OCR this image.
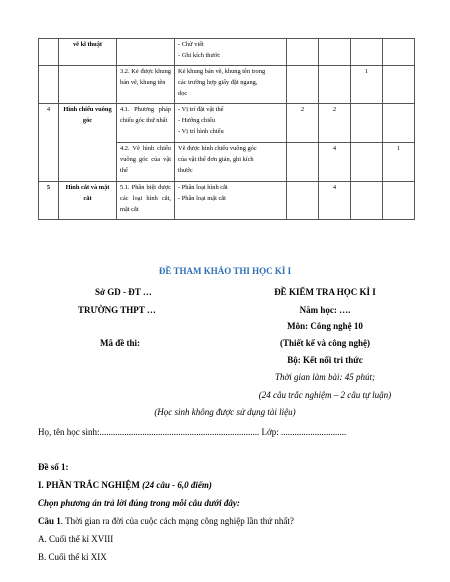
	vẽ kĩ thuật		- Chữ viết
- Ghi kích thước				

		3.2. Kẻ được khung bản vẽ, khung tên	Kẻ khung bản vẽ, khung tên trong
các trường hợp giấy đặt ngang,
dọc			1	
4	Hình chiếu vuông góc	4.1. Phương pháp chiếu góc thứ nhất	- Vị trí đặt vật thể
- Hướng chiếu
- Vị trí hình chiếu	2	2		
		4.2. Vẽ hình chiếu vuông góc của vật thể	Vẽ được hình chiếu vuông góc
của vật thể đơn giản, ghi kích
thước		4		1
5	Hình cắt và mặt cắt	5.1. Phân biệt được các loại hình cắt, mặt cắt	- Phân loại hình cắt
- Phân loại mặt cắt		4		
ĐỀ THAM KHẢO THI HỌC KÌ I
Sở GD - ĐT …
TRƯỜNG THPT …
Mã đề thi:
ĐỀ KIỂM TRA HỌC KÌ I
Năm học: ….
Môn: Công nghệ 10
(Thiết kế và công nghệ)
Bộ: Kết nối tri thức
Thời gian làm bài: 45 phút;
(24 câu trắc nghiệm – 2 câu tự luận)
(Học sinh không được sử dụng tài liệu)
Họ, tên học sinh:....................................................................... Lớp: .............................
Đề số 1:
I. PHẦN TRẮC NGHIỆM (24 câu - 6,0 điểm)
Chọn phương án trả lời đúng trong mỗi câu dưới đây:
Câu 1. Thời gian ra đời của cuộc cách mạng công nghiệp lần thứ nhất?
A. Cuối thế kỉ XVIII
B. Cuối thế kỉ XIX
